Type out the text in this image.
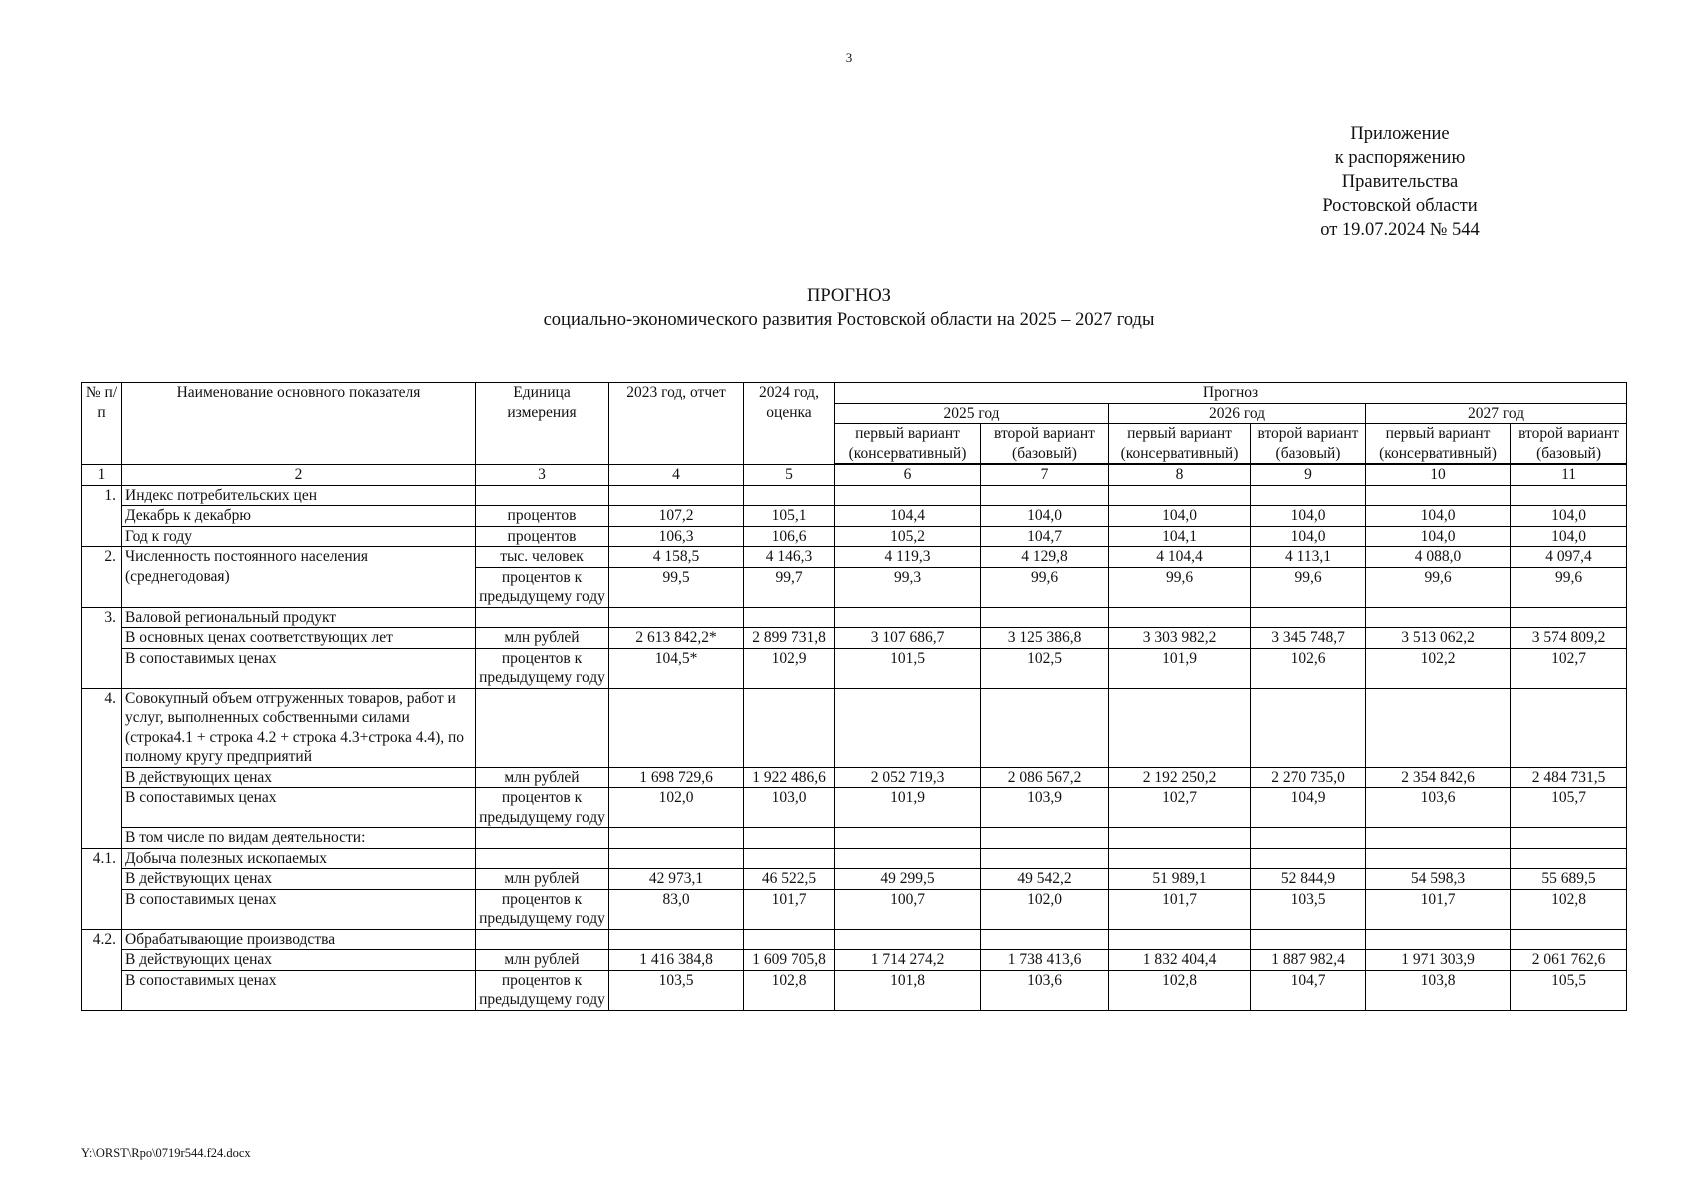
3
Приложение
к распоряжению
Правительства
Ростовской области
от 19.07.2024 № 544
ПРОГНОЗ
социально-экономического развития Ростовской области на 2025 – 2027 годы
№ п/п	Наименование основного показателя	Единица измерения	2023 год, отчет	2024 год, оценка	Прогноз					
					2025 год		2026 год		2027 год	
					первый вариант (консервативный)	второй вариант (базовый)	первый вариант (консервативный)	второй вариант (базовый)	первый вариант (консервативный)	второй вариант (базовый)
1	2	3	4	5	6	7	8	9	10	11
1.	Индекс потребительских цен									
	Декабрь к декабрю	процентов	107,2	105,1	104,4	104,0	104,0	104,0	104,0	104,0
	Год к году	процентов	106,3	106,6	105,2	104,7	104,1	104,0	104,0	104,0
2.	Численность постоянного населения	тыс. человек	4 158,5	4 146,3	4 119,3	4 129,8	4 104,4	4 113,1	4 088,0	4 097,4
	(среднегодовая)	процентов к предыдущему году	99,5	99,7	99,3	99,6	99,6	99,6	99,6	99,6
3.	Валовой региональный продукт									
	В основных ценах соответствующих лет	млн рублей	2 613 842,2*	2 899 731,8	3 107 686,7	3 125 386,8	3 303 982,2	3 345 748,7	3 513 062,2	3 574 809,2
	В сопоставимых ценах	процентов к предыдущему году	104,5*	102,9	101,5	102,5	101,9	102,6	102,2	102,7
4.	Совокупный объем отгруженных товаров, работ и услуг, выполненных собственными силами (строка4.1 + строка 4.2 + строка 4.3+строка 4.4), по полному кругу предприятий									
	В действующих ценах	млн рублей	1 698 729,6	1 922 486,6	2 052 719,3	2 086 567,2	2 192 250,2	2 270 735,0	2 354 842,6	2 484 731,5
	В сопоставимых ценах	процентов к предыдущему году	102,0	103,0	101,9	103,9	102,7	104,9	103,6	105,7
	В том числе по видам деятельности:									
4.1.	Добыча полезных ископаемых									
	В действующих ценах	млн рублей	42 973,1	46 522,5	49 299,5	49 542,2	51 989,1	52 844,9	54 598,3	55 689,5
	В сопоставимых ценах	процентов к предыдущему году	83,0	101,7	100,7	102,0	101,7	103,5	101,7	102,8
4.2.	Обрабатывающие производства									
	В действующих ценах	млн рублей	1 416 384,8	1 609 705,8	1 714 274,2	1 738 413,6	1 832 404,4	1 887 982,4	1 971 303,9	2 061 762,6
	В сопоставимых ценах	процентов к предыдущему году	103,5	102,8	101,8	103,6	102,8	104,7	103,8	105,5
Y:\ORST\Rpo\0719r544.f24.docx
